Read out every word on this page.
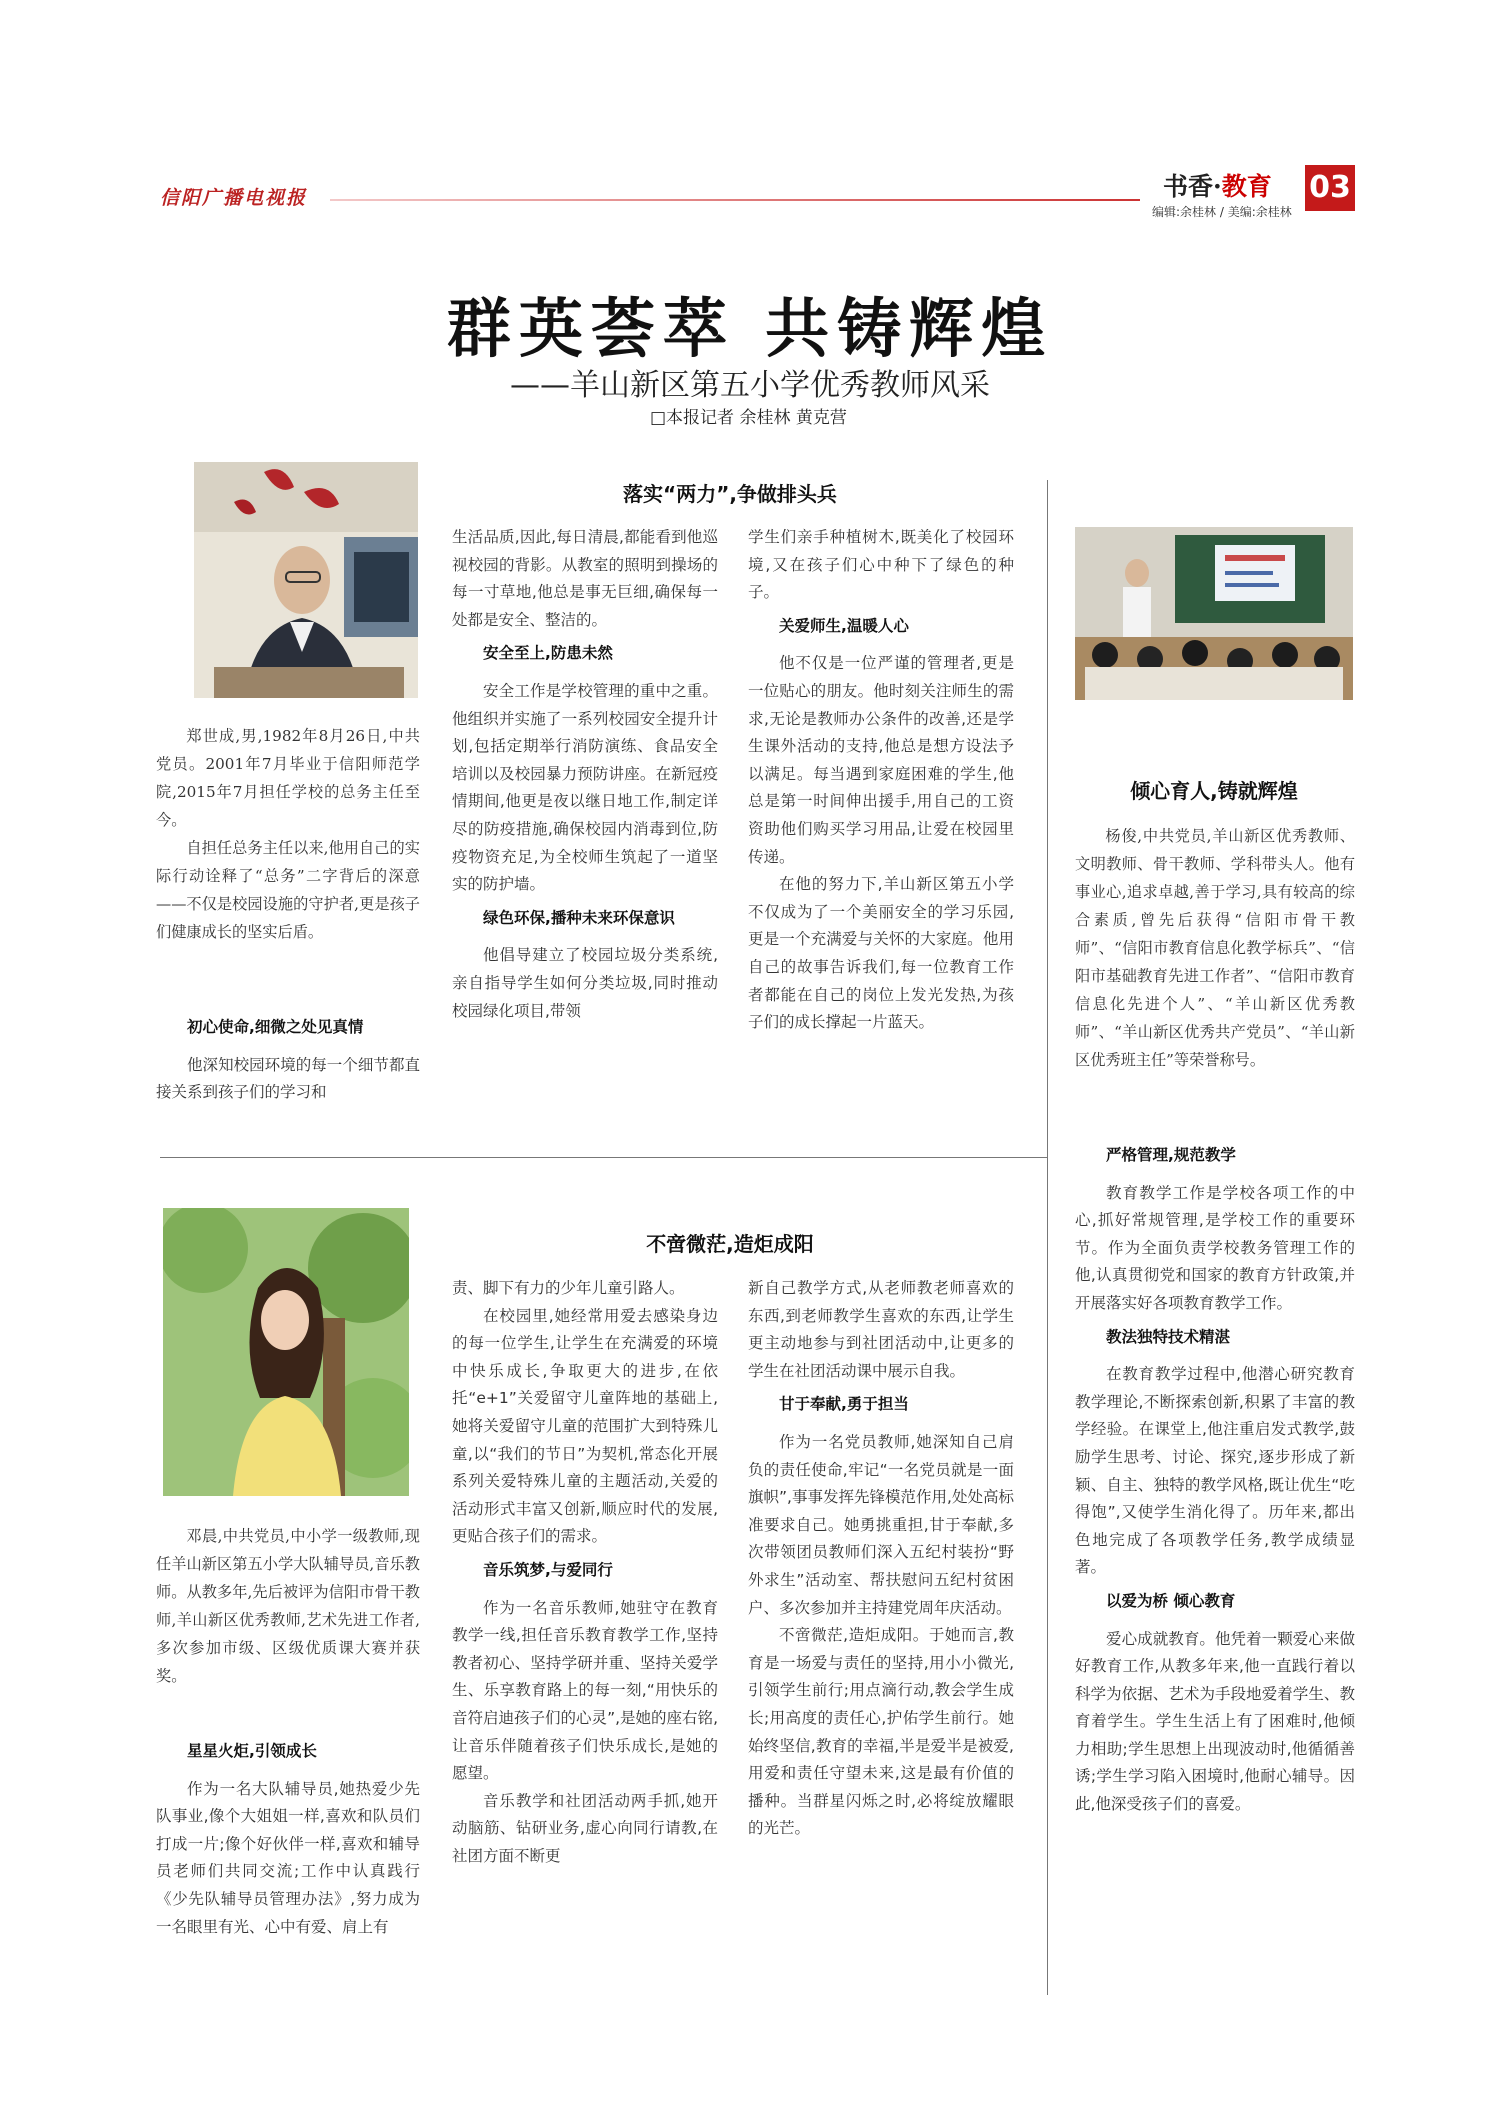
信阳广播电视报	书香·教育
编辑:余桂林 / 美编:余桂林
03
群英荟萃 共铸辉煌
——羊山新区第五小学优秀教师风采
□本报记者 余桂林 黄克营

郑世成,男,1982年8月26日,中共党员。2001年7月毕业于信阳师范学院,2015年7月担任学校的总务主任至今。

自担任总务主任以来,他用自己的实际行动诠释了“总务”二字背后的深意——不仅是校园设施的守护者,更是孩子们健康成长的坚实后盾。

落实“两力”,争做排头兵
初心使命,细微之处见真情

他深知校园环境的每一个细节都直接关系到孩子们的学习和

生活品质,因此,每日清晨,都能看到他巡视校园的背影。从教室的照明到操场的每一寸草地,他总是事无巨细,确保每一处都是安全、整洁的。

安全至上,防患未然

安全工作是学校管理的重中之重。他组织并实施了一系列校园安全提升计划,包括定期举行消防演练、食品安全培训以及校园暴力预防讲座。在新冠疫情期间,他更是夜以继日地工作,制定详尽的防疫措施,确保校园内消毒到位,防疫物资充足,为全校师生筑起了一道坚实的防护墙。

绿色环保,播种未来环保意识

他倡导建立了校园垃圾分类系统,亲自指导学生如何分类垃圾,同时推动校园绿化项目,带领

学生们亲手种植树木,既美化了校园环境,又在孩子们心中种下了绿色的种子。

关爱师生,温暖人心

他不仅是一位严谨的管理者,更是一位贴心的朋友。他时刻关注师生的需求,无论是教师办公条件的改善,还是学生课外活动的支持,他总是想方设法予以满足。每当遇到家庭困难的学生,他总是第一时间伸出援手,用自己的工资资助他们购买学习用品,让爱在校园里传递。

在他的努力下,羊山新区第五小学不仅成为了一个美丽安全的学习乐园,更是一个充满爱与关怀的大家庭。他用自己的故事告诉我们,每一位教育工作者都能在自己的岗位上发光发热,为孩子们的成长撑起一片蓝天。

邓晨,中共党员,中小学一级教师,现任羊山新区第五小学大队辅导员,音乐教师。从教多年,先后被评为信阳市骨干教师,羊山新区优秀教师,艺术先进工作者,多次参加市级、区级优质课大赛并获奖。

不啻微茫,造炬成阳
星星火炬,引领成长

作为一名大队辅导员,她热爱少先队事业,像个大姐姐一样,喜欢和队员们打成一片;像个好伙伴一样,喜欢和辅导员老师们共同交流;工作中认真践行《少先队辅导员管理办法》,努力成为一名眼里有光、心中有爱、肩上有

责、脚下有力的少年儿童引路人。

在校园里,她经常用爱去感染身边的每一位学生,让学生在充满爱的环境中快乐成长,争取更大的进步,在依托“e+1”关爱留守儿童阵地的基础上,她将关爱留守儿童的范围扩大到特殊儿童,以“我们的节日”为契机,常态化开展系列关爱特殊儿童的主题活动,关爱的活动形式丰富又创新,顺应时代的发展,更贴合孩子们的需求。

音乐筑梦,与爱同行

作为一名音乐教师,她驻守在教育教学一线,担任音乐教育教学工作,坚持教者初心、坚持学研并重、坚持关爱学生、乐享教育路上的每一刻,“用快乐的音符启迪孩子们的心灵”,是她的座右铭,让音乐伴随着孩子们快乐成长,是她的愿望。

音乐教学和社团活动两手抓,她开动脑筋、钻研业务,虚心向同行请教,在社团方面不断更

新自己教学方式,从老师教老师喜欢的东西,到老师教学生喜欢的东西,让学生更主动地参与到社团活动中,让更多的学生在社团活动课中展示自我。

甘于奉献,勇于担当

作为一名党员教师,她深知自己肩负的责任使命,牢记“一名党员就是一面旗帜”,事事发挥先锋模范作用,处处高标准要求自己。她勇挑重担,甘于奉献,多次带领团员教师们深入五纪村装扮“野外求生”活动室、帮扶慰问五纪村贫困户、多次参加并主持建党周年庆活动。

不啻微茫,造炬成阳。于她而言,教育是一场爱与责任的坚持,用小小微光,引领学生前行;用点滴行动,教会学生成长;用高度的责任心,护佑学生前行。她始终坚信,教育的幸福,半是爱半是被爱,用爱和责任守望未来,这是最有价值的播种。当群星闪烁之时,必将绽放耀眼的光芒。

倾心育人,铸就辉煌

杨俊,中共党员,羊山新区优秀教师、文明教师、骨干教师、学科带头人。他有事业心,追求卓越,善于学习,具有较高的综合素质,曾先后获得“信阳市骨干教师”、“信阳市教育信息化教学标兵”、“信阳市基础教育先进工作者”、“信阳市教育信息化先进个人”、“羊山新区优秀教师”、“羊山新区优秀共产党员”、“羊山新区优秀班主任”等荣誉称号。

严格管理,规范教学

教育教学工作是学校各项工作的中心,抓好常规管理,是学校工作的重要环节。作为全面负责学校教务管理工作的他,认真贯彻党和国家的教育方针政策,并开展落实好各项教育教学工作。

教法独特技术精湛

在教育教学过程中,他潜心研究教育教学理论,不断探索创新,积累了丰富的教学经验。在课堂上,他注重启发式教学,鼓励学生思考、讨论、探究,逐步形成了新颖、自主、独特的教学风格,既让优生“吃得饱”,又使学生消化得了。历年来,都出色地完成了各项教学任务,教学成绩显著。

以爱为桥 倾心教育

爱心成就教育。他凭着一颗爱心来做好教育工作,从教多年来,他一直践行着以科学为依据、艺术为手段地爱着学生、教育着学生。学生生活上有了困难时,他倾力相助;学生思想上出现波动时,他循循善诱;学生学习陷入困境时,他耐心辅导。因此,他深受孩子们的喜爱。
